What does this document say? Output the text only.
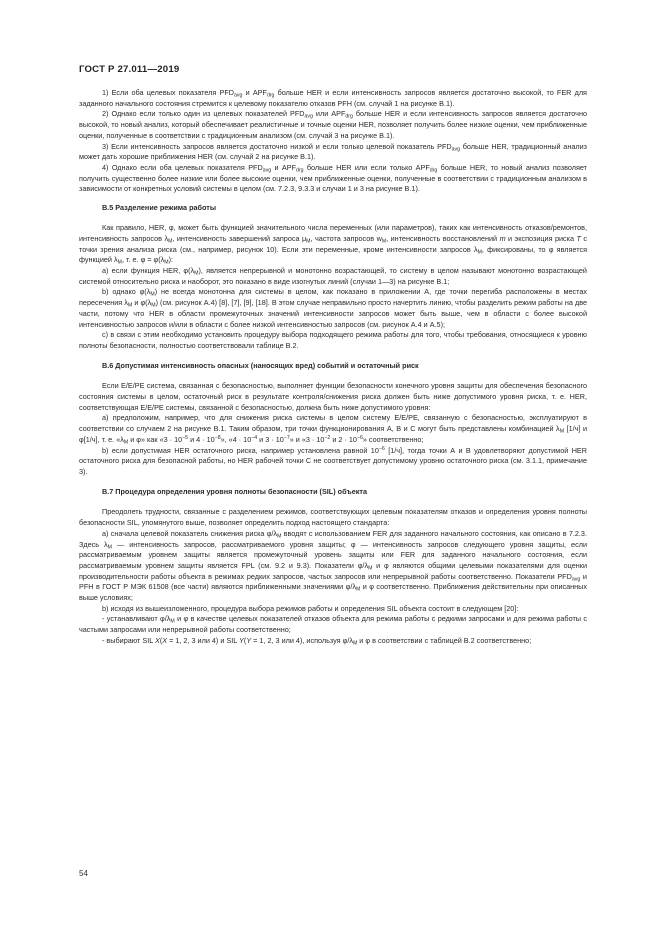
ГОСТ Р 27.011—2019

1) Если оба целевых показателя $PFD_{avg}$ и $APF_{drg}$ больше HER и если интенсивность запросов является достаточно высокой, то FER для заданного начального состояния стремится к целевому показателю отказов PFH (см. случай 1 на рисунке В.1).

2) Однако если только один из целевых показателей $PFD_{avg}$ или $APF_{drg}$ больше HER и если интенсивность запросов является достаточно высокой, то новый анализ, который обеспечивает реалистичные и точные оценки HER, позволяет получить более низкие оценки, чем приближенные оценки, полученные в соответствии с традиционным анализом (см. случай 3 на рисунке В.1).

3) Если интенсивность запросов является достаточно низкой и если только целевой показатель $PFD_{avg}$ больше HER, традиционный анализ может дать хорошие приближения HER (см. случай 2 на рисунке В.1).

4) Однако если оба целевых показателя $PFD_{avg}$ и $APF_{drg}$ больше HER или если только $APF_{drg}$ больше HER, то новый анализ позволяет получить существенно более низкие или более высокие оценки, чем приближенные оценки, полученные в соответствии с традиционным анализом в зависимости от конкретных условий системы в целом (см. 7.2.3, 9.3.3 и случаи 1 и 3 на рисунке В.1).

В.5 Разделение режима работы

Как правило, HER, φ, может быть функцией значительного числа переменных (или параметров), таких как интенсивность отказов/ремонтов, интенсивность запросов $\lambda_M$, интенсивность завершений запроса $\mu_M$, частота запросов $w_M$, интенсивность восстановлений m и экспозиция риска T с точки зрения анализа риска (см., например, рисунок 10). Если эти переменные, кроме интенсивности запросов $\lambda_M$, фиксированы, то φ является функцией $\lambda_M$, т. е. $\varphi = \varphi(\lambda_M)$:

a) если функция HER, $\varphi(\lambda_M)$, является непрерывной и монотонно возрастающей, то систему в целом называют монотонно возрастающей системой относительно риска и наоборот, это показано в виде изогнутых линий (случаи 1—3) на рисунке В.1;

b) однако $\varphi(\lambda_M)$ не всегда монотонна для системы в целом, как показано в приложении А, где точки перегиба расположены в местах пересечения $\lambda_M$ и $\varphi(\lambda_M)$ (см. рисунок А.4) [8], [7], [9], [18]. В этом случае неправильно просто начертить линию, чтобы разделить режим работы на две части, потому что HER в области промежуточных значений интенсивности запросов может быть выше, чем в области с более высокой интенсивностью запросов и/или в области с более низкой интенсивностью запросов (см. рисунок А.4 и А.5);

c) в связи с этим необходимо установить процедуру выбора подходящего режима работы для того, чтобы требования, относящиеся к уровню полноты безопасности, полностью соответствовали таблице В.2.

В.6 Допустимая интенсивность опасных (наносящих вред) событий и остаточный риск

Если Е/Е/РЕ система, связанная с безопасностью, выполняет функции безопасности конечного уровня защиты для обеспечения безопасного состояния системы в целом, остаточный риск в результате контроля/снижения риска должен быть ниже допустимого уровня риска, т. е. HER, соответствующая Е/Е/РЕ системы, связанной с безопасностью, должна быть ниже допустимого уровня:

а) предположим, например, что для снижения риска системы в целом систему Е/Е/РЕ, связанную с безопасностью, эксплуатируют в соответствии со случаем 2 на рисунке В.1. Таким образом, три точки функционирования А, В и С могут быть представлены комбинацией $\lambda_M$ [1/ч] и φ[1/ч], т. е. «$\lambda_M$ и φ» как «$3 \cdot 10^{-5}$ и $4 \cdot 10^{-8}$», «$4 \cdot 10^{-4}$ и $3 \cdot 10^{-7}$» и «$3 \cdot 10^{-2}$ и $2 \cdot 10^{-6}$» соответственно;

b) если допустимая HER остаточного риска, например установлена равной $10^{-6}$ [1/ч], тогда точки А и В удовлетворяют допустимой HER остаточного риска для безопасной работы, но HER рабочей точки С не соответствует допустимому уровню остаточного риска (см. 3.1.1, примечание 3).

В.7 Процедура определения уровня полноты безопасности (SIL) объекта

Преодолеть трудности, связанные с разделением режимов, соответствующих целевым показателям отказов и определения уровня полноты безопасности SIL, упомянутого выше, позволяет определить подход настоящего стандарта:

а) сначала целевой показатель снижения риска $\varphi/\lambda_M$ вводят с использованием FER для заданного начального состояния, как описано в 7.2.3. Здесь $\lambda_M$ — интенсивность запросов, рассматриваемого уровня защиты; φ — интенсивность запросов следующего уровня защиты, если рассматриваемым уровнем защиты является промежуточный уровень защиты или FER для заданного начального состояния, если рассматриваемым уровнем защиты является FPL (см. 9.2 и 9.3). Показатели $\varphi/\lambda_M$ и φ являются общими целевыми показателями для оценки производительности работы объекта в режимах редких запросов, частых запросов или непрерывной работы соответственно. Показатели $PFD_{avg}$ и PFH в ГОСТ Р МЭК 61508 (все части) являются приближенными значениями $\varphi/\lambda_M$ и φ соответственно. Приближения действительны при описанных выше условиях;

b) исходя из вышеизложенного, процедура выбора режимов работы и определения SIL объекта состоит в следующем [20]:

- устанавливают $\varphi/\lambda_M$ и φ в качестве целевых показателей отказов объекта для режима работы с редкими запросами и для режима работы с частыми запросами или непрерывной работы соответственно;

- выбирают SIL X(X = 1, 2, 3 или 4) и SIL Y(Y = 1, 2, 3 или 4), используя $\varphi/\lambda_M$ и φ в соответствии с таблицей В.2 соответственно;

54
